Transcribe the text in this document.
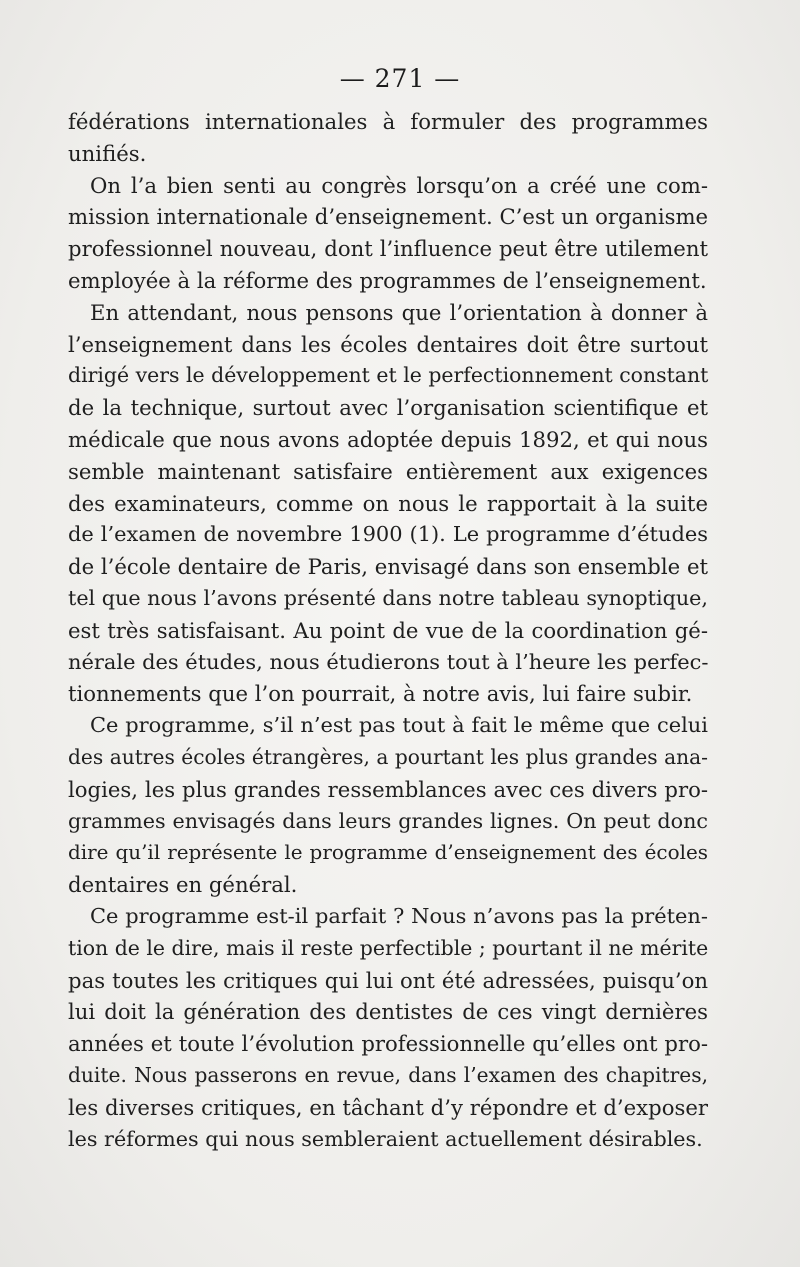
— 271 —
fédérations internationales à formuler des programmes
unifiés.
On l’a bien senti au congrès lorsqu’on a créé une com-
mission internationale d’enseignement. C’est un organisme
professionnel nouveau, dont l’influence peut être utilement
employée à la réforme des programmes de l’enseignement.
En attendant, nous pensons que l’orientation à donner à
l’enseignement dans les écoles dentaires doit être surtout
dirigé vers le développement et le perfectionnement constant
de la technique, surtout avec l’organisation scientifique et
médicale que nous avons adoptée depuis 1892, et qui nous
semble maintenant satisfaire entièrement aux exigences
des examinateurs, comme on nous le rapportait à la suite
de l’examen de novembre 1900 (1). Le programme d’études
de l’école dentaire de Paris, envisagé dans son ensemble et
tel que nous l’avons présenté dans notre tableau synoptique,
est très satisfaisant. Au point de vue de la coordination gé-
nérale des études, nous étudierons tout à l’heure les perfec-
tionnements que l’on pourrait, à notre avis, lui faire subir.
Ce programme, s’il n’est pas tout à fait le même que celui
des autres écoles étrangères, a pourtant les plus grandes ana-
logies, les plus grandes ressemblances avec ces divers pro-
grammes envisagés dans leurs grandes lignes. On peut donc
dire qu’il représente le programme d’enseignement des écoles
dentaires en général.
Ce programme est-il parfait ? Nous n’avons pas la préten-
tion de le dire, mais il reste perfectible ; pourtant il ne mérite
pas toutes les critiques qui lui ont été adressées, puisqu’on
lui doit la génération des dentistes de ces vingt dernières
années et toute l’évolution professionnelle qu’elles ont pro-
duite. Nous passerons en revue, dans l’examen des chapitres,
les diverses critiques, en tâchant d’y répondre et d’exposer
les réformes qui nous sembleraient actuellement désirables.
